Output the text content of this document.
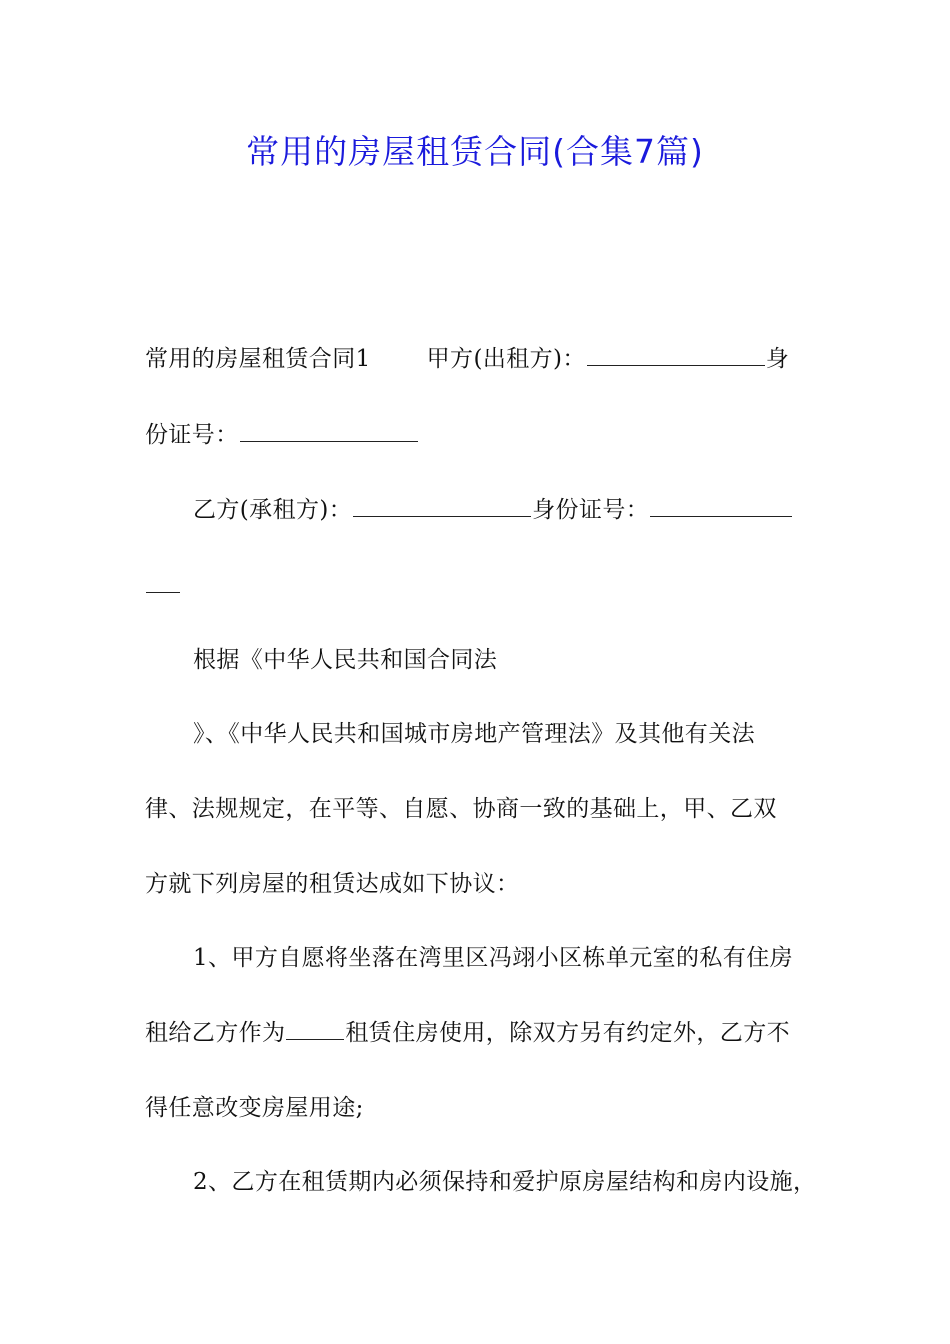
常用的房屋租赁合同(合集7篇)
常用的房屋租赁合同1 甲方(出租方)：	身
份证号：
乙方(承租方)：	身份证号：
根据《中华人民共和国合同法
》、《中华人民共和国城市房地产管理法》及其他有关法
律、法规规定，在平等、自愿、协商一致的基础上，甲、乙双
方就下列房屋的租赁达成如下协议：
1、甲方自愿将坐落在湾里区冯翊小区栋单元室的私有住房
租给乙方作为	租赁住房使用，除双方另有约定外，乙方不
得任意改变房屋用途;
2、乙方在租赁期内必须保持和爱护原房屋结构和房内设施，
